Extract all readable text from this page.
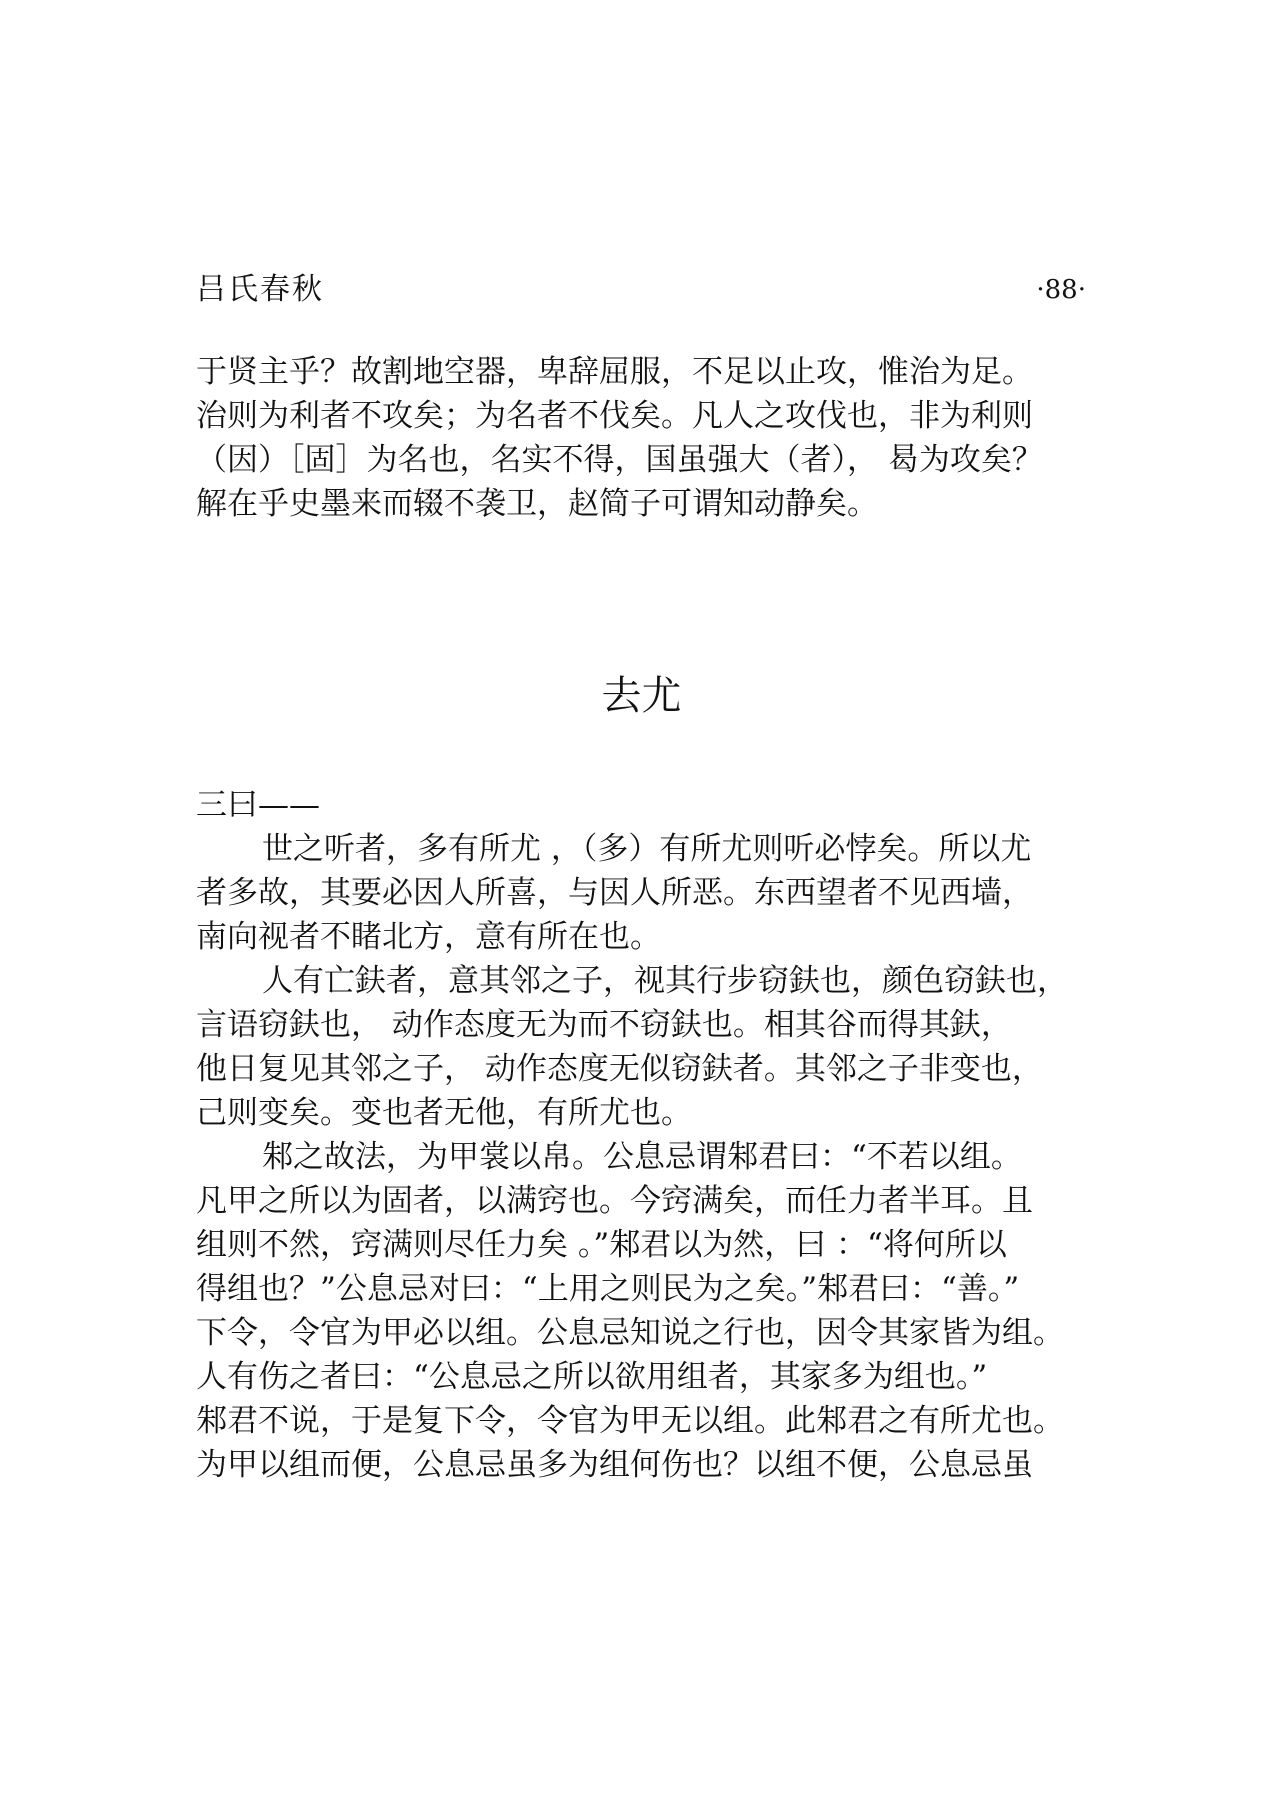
吕氏春秋	·88·
于贤主乎？故割地空器，卑辞屈服，不足以止攻，惟治为足。
治则为利者不攻矣；为名者不伐矣。凡人之攻伐也，非为利则
（因）［固］为名也，名实不得，国虽强大（者）， 曷为攻矣？
解在乎史墨来而辍不袭卫，赵简子可谓知动静矣。
去尤
三曰——
世之听者，多有所尤 ，（多）有所尤则听必悖矣。所以尤
者多故，其要必因人所喜，与因人所恶。东西望者不见西墙，
南向视者不睹北方，意有所在也。
人有亡鈇者，意其邻之子，视其行步窃鈇也，颜色窃鈇也，
言语窃鈇也， 动作态度无为而不窃鈇也。相其谷而得其鈇，
他日复见其邻之子， 动作态度无似窃鈇者。其邻之子非变也，
己则变矣。变也者无他，有所尤也。
邾之故法，为甲裳以帛。公息忌谓邾君曰：“不若以组。
凡甲之所以为固者，以满窍也。今窍满矣，而任力者半耳。且
组则不然，窍满则尽任力矣 。”邾君以为然，曰 ：“将何所以
得组也？”公息忌对曰：“上用之则民为之矣。”邾君曰：“善。”
下令，令官为甲必以组。公息忌知说之行也，因令其家皆为组。
人有伤之者曰：“公息忌之所以欲用组者，其家多为组也。”
邾君不说，于是复下令，令官为甲无以组。此邾君之有所尤也。
为甲以组而便，公息忌虽多为组何伤也？以组不便，公息忌虽
